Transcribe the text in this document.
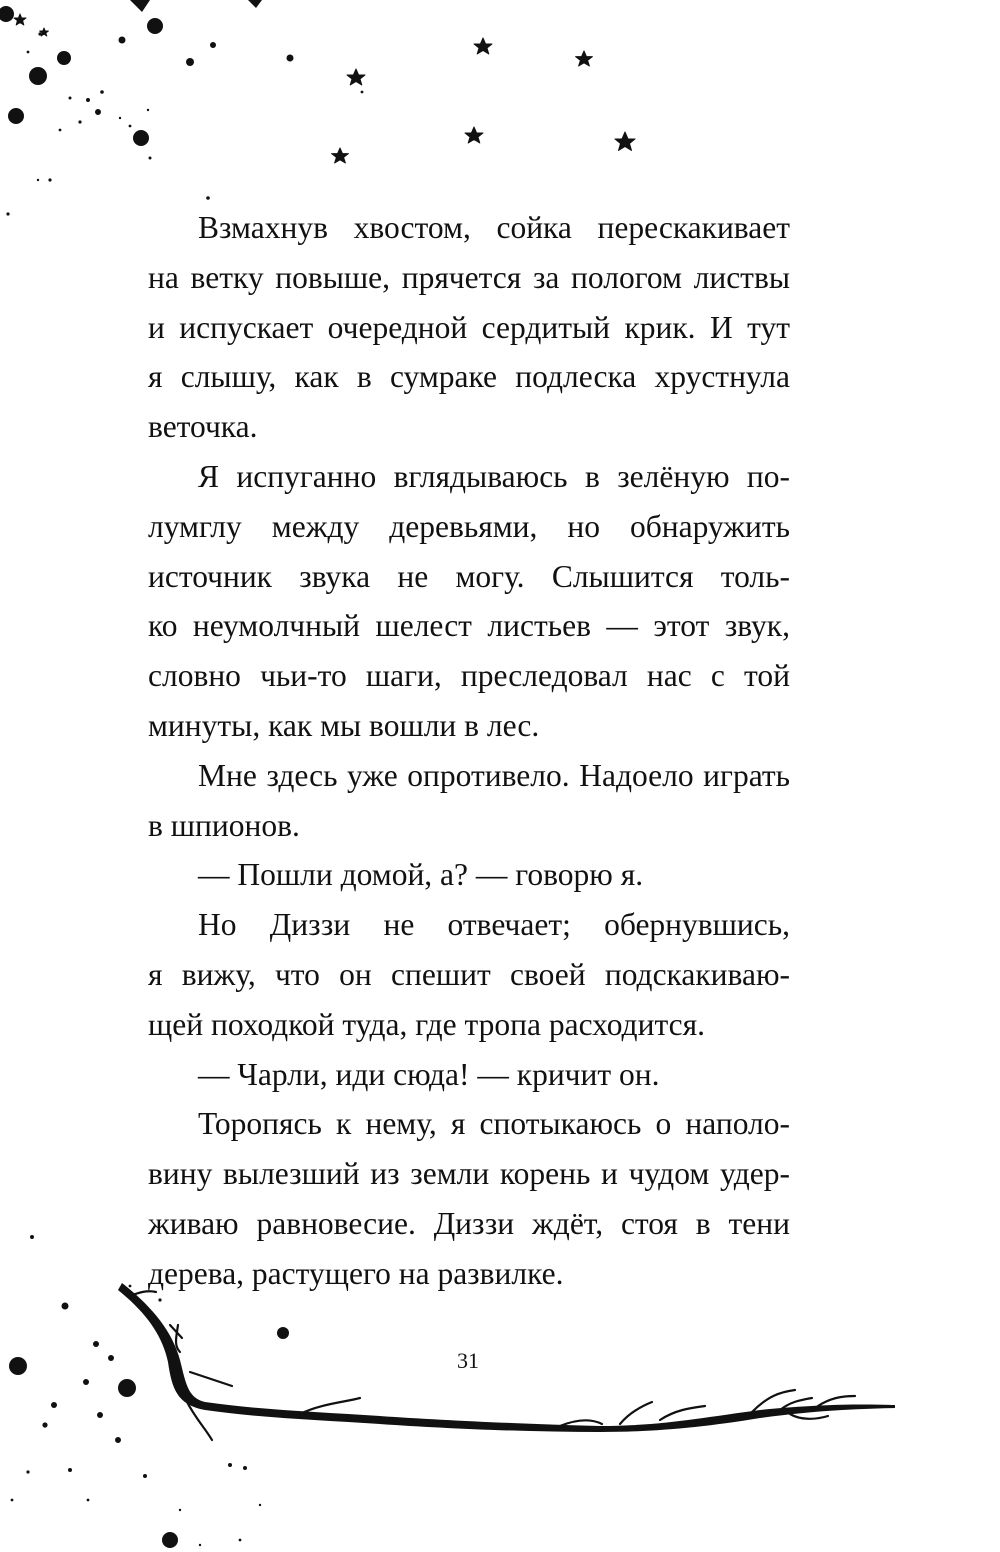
Взмахнув хвостом, сойка перескакивает

на ветку повыше, прячется за пологом листвы

и испускает очередной сердитый крик. И тут

я слышу, как в сумраке подлеска хрустнула

веточка.

Я испуганно вглядываюсь в зелёную по-

лумглу между деревьями, но обнаружить

источник звука не могу. Слышится толь-

ко неумолчный шелест листьев — этот звук,

словно чьи-то шаги, преследовал нас с той

минуты, как мы вошли в лес.

Мне здесь уже опротивело. Надоело играть

в шпионов.

— Пошли домой, а? — говорю я.

Но Диззи не отвечает; обернувшись,

я вижу, что он спешит своей подскакиваю-

щей походкой туда, где тропа расходится.

— Чарли, иди сюда! — кричит он.

Торопясь к нему, я спотыкаюсь о наполо-

вину вылезший из земли корень и чудом удер-

живаю равновесие. Диззи ждёт, стоя в тени

дерева, растущего на развилке.

31
